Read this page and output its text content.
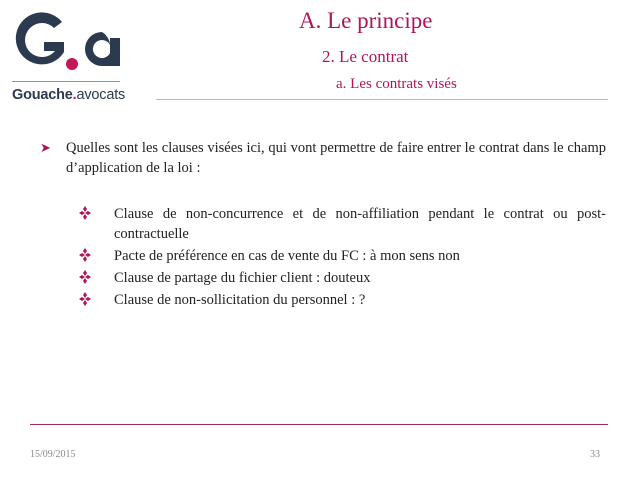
Gouache.avocats
A. Le principe
2. Le contrat
a. Les contrats visés
➤ Quelles sont les clauses visées ici, qui vont permettre de faire entrer le contrat dans le champ d’application de la loi :
Clause de non-concurrence et de non-affiliation pendant le contrat ou post-contractuelle
Pacte de préférence en cas de vente du FC : à mon sens non
Clause de partage du fichier client : douteux
Clause de non-sollicitation du personnel : ?
15/09/2015	33
